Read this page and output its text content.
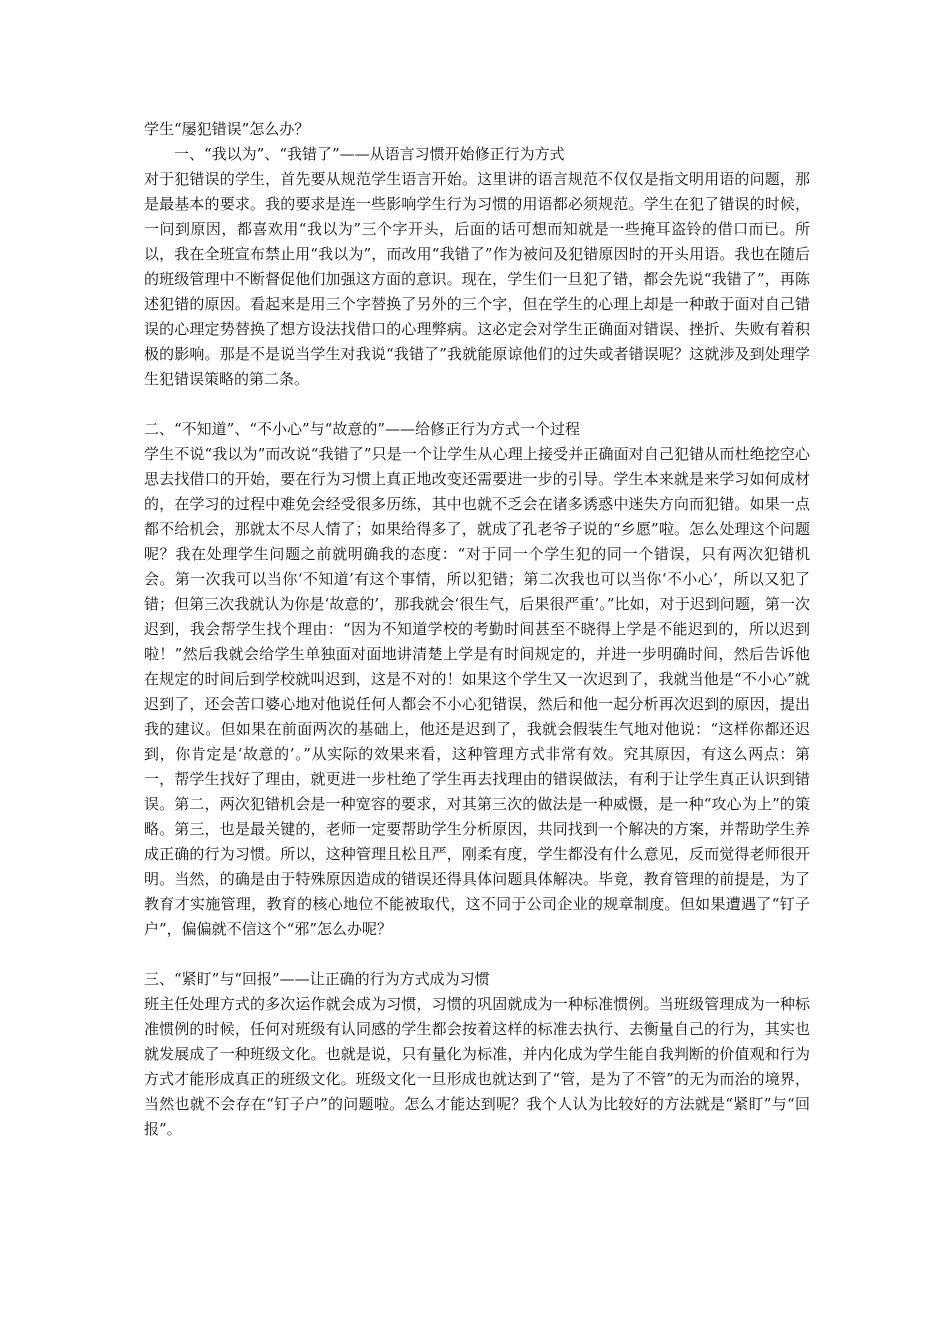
学生“屡犯错误”怎么办？

一、“我以为”、“我错了”——从语言习惯开始修正行为方式

对于犯错误的学生，首先要从规范学生语言开始。这里讲的语言规范不仅仅是指文明用语的问题，那是最基本的要求。我的要求是连一些影响学生行为习惯的用语都必须规范。学生在犯了错误的时候，一问到原因，都喜欢用“我以为”三个字开头，后面的话可想而知就是一些掩耳盗铃的借口而已。所以，我在全班宣布禁止用“我以为”，而改用“我错了”作为被问及犯错原因时的开头用语。我也在随后的班级管理中不断督促他们加强这方面的意识。现在，学生们一旦犯了错，都会先说“我错了”，再陈述犯错的原因。看起来是用三个字替换了另外的三个字，但在学生的心理上却是一种敢于面对自己错误的心理定势替换了想方设法找借口的心理弊病。这必定会对学生正确面对错误、挫折、失败有着积极的影响。那是不是说当学生对我说“我错了”我就能原谅他们的过失或者错误呢？这就涉及到处理学生犯错误策略的第二条。

二、“不知道”、“不小心”与“故意的”——给修正行为方式一个过程

学生不说“我以为”而改说“我错了”只是一个让学生从心理上接受并正确面对自己犯错从而杜绝挖空心思去找借口的开始，要在行为习惯上真正地改变还需要进一步的引导。学生本来就是来学习如何成材的，在学习的过程中难免会经受很多历练，其中也就不乏会在诸多诱惑中迷失方向而犯错。如果一点都不给机会，那就太不尽人情了；如果给得多了，就成了孔老爷子说的“乡愿”啦。怎么处理这个问题呢？我在处理学生问题之前就明确我的态度：“对于同一个学生犯的同一个错误，只有两次犯错机会。第一次我可以当你‘不知道’有这个事情，所以犯错；第二次我也可以当你‘不小心’，所以又犯了错；但第三次我就认为你是‘故意的’，那我就会‘很生气，后果很严重’。”比如，对于迟到问题，第一次迟到，我会帮学生找个理由：“因为不知道学校的考勤时间甚至不晓得上学是不能迟到的，所以迟到啦！”然后我就会给学生单独面对面地讲清楚上学是有时间规定的，并进一步明确时间，然后告诉他在规定的时间后到学校就叫迟到，这是不对的！如果这个学生又一次迟到了，我就当他是“不小心”就迟到了，还会苦口婆心地对他说任何人都会不小心犯错误，然后和他一起分析再次迟到的原因，提出我的建议。但如果在前面两次的基础上，他还是迟到了，我就会假装生气地对他说：“这样你都还迟到，你肯定是‘故意的’。”从实际的效果来看，这种管理方式非常有效。究其原因，有这么两点：第一，帮学生找好了理由，就更进一步杜绝了学生再去找理由的错误做法，有利于让学生真正认识到错误。第二，两次犯错机会是一种宽容的要求，对其第三次的做法是一种威慑，是一种“攻心为上”的策略。第三，也是最关键的，老师一定要帮助学生分析原因，共同找到一个解决的方案，并帮助学生养成正确的行为习惯。所以，这种管理且松且严，刚柔有度，学生都没有什么意见，反而觉得老师很开明。当然，的确是由于特殊原因造成的错误还得具体问题具体解决。毕竟，教育管理的前提是，为了教育才实施管理，教育的核心地位不能被取代，这不同于公司企业的规章制度。但如果遭遇了“钉子户”，偏偏就不信这个“邪”怎么办呢？

三、“紧盯”与“回报”——让正确的行为方式成为习惯

班主任处理方式的多次运作就会成为习惯，习惯的巩固就成为一种标准惯例。当班级管理成为一种标准惯例的时候，任何对班级有认同感的学生都会按着这样的标准去执行、去衡量自己的行为，其实也就发展成了一种班级文化。也就是说，只有量化为标准，并内化成为学生能自我判断的价值观和行为方式才能形成真正的班级文化。班级文化一旦形成也就达到了“管，是为了不管”的无为而治的境界，当然也就不会存在“钉子户”的问题啦。怎么才能达到呢？我个人认为比较好的方法就是“紧盯”与“回报”。
